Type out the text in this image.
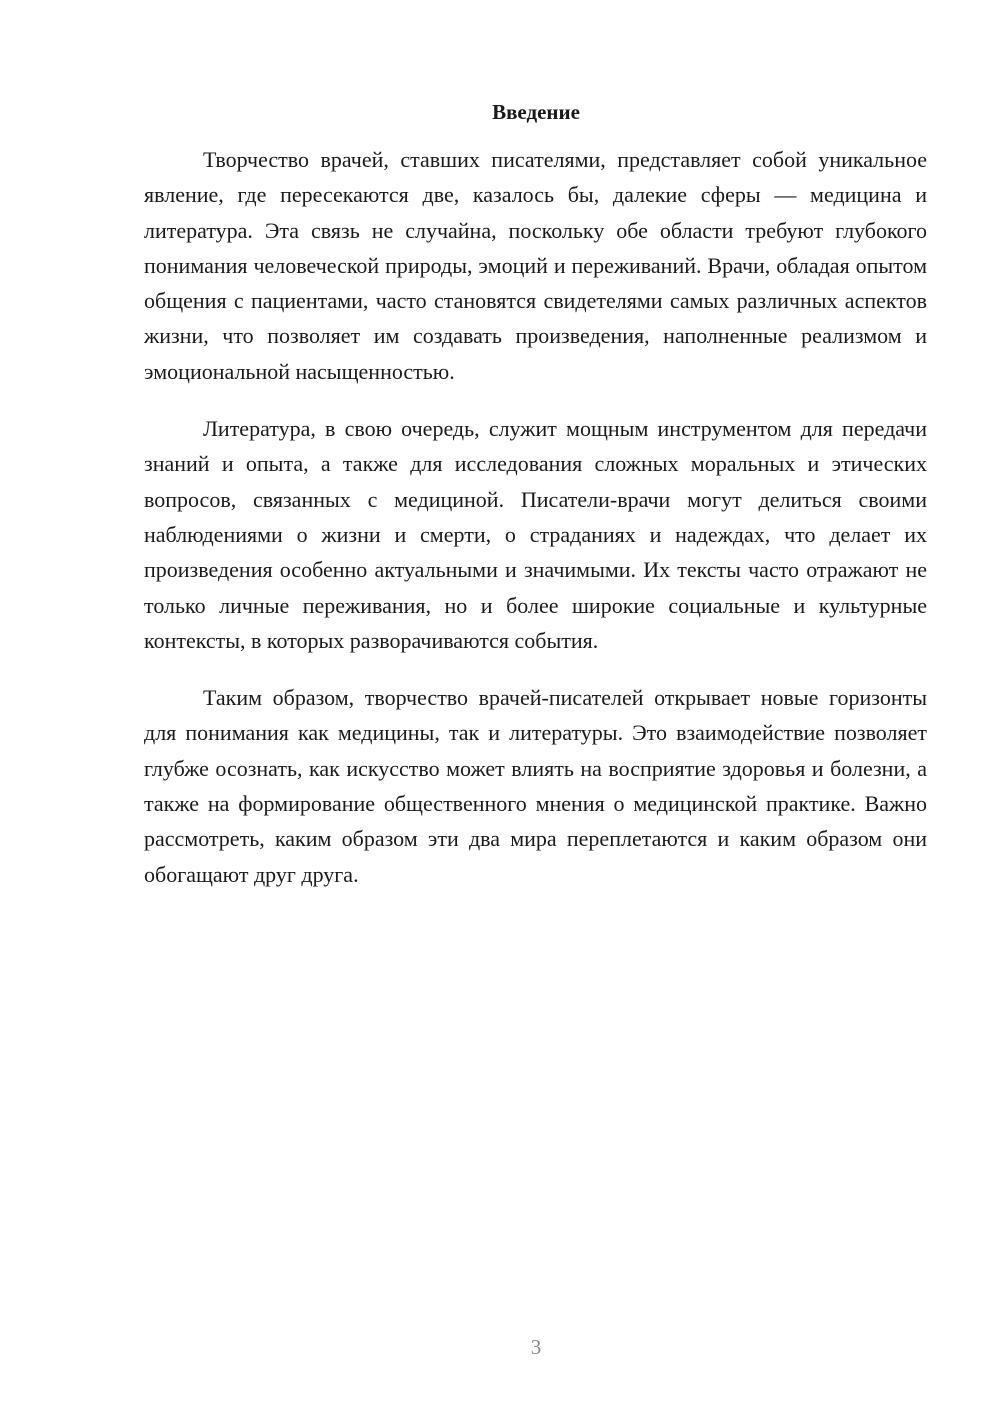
Введение

Творчество врачей, ставших писателями, представляет собой уникальное явление, где пересекаются две, казалось бы, далекие сферы — медицина и литература. Эта связь не случайна, поскольку обе области требуют глубокого понимания человеческой природы, эмоций и переживаний. Врачи, обладая опытом общения с пациентами, часто становятся свидетелями самых различных аспектов жизни, что позволяет им создавать произведения, наполненные реализмом и эмоциональной насыщенностью.

Литература, в свою очередь, служит мощным инструментом для передачи знаний и опыта, а также для исследования сложных моральных и этических вопросов, связанных с медициной. Писатели-врачи могут делиться своими наблюдениями о жизни и смерти, о страданиях и надеждах, что делает их произведения особенно актуальными и значимыми. Их тексты часто отражают не только личные переживания, но и более широкие социальные и культурные контексты, в которых разворачиваются события.

Таким образом, творчество врачей-писателей открывает новые горизонты для понимания как медицины, так и литературы. Это взаимодействие позволяет глубже осознать, как искусство может влиять на восприятие здоровья и болезни, а также на формирование общественного мнения о медицинской практике. Важно рассмотреть, каким образом эти два мира переплетаются и каким образом они обогащают друг друга.

3
